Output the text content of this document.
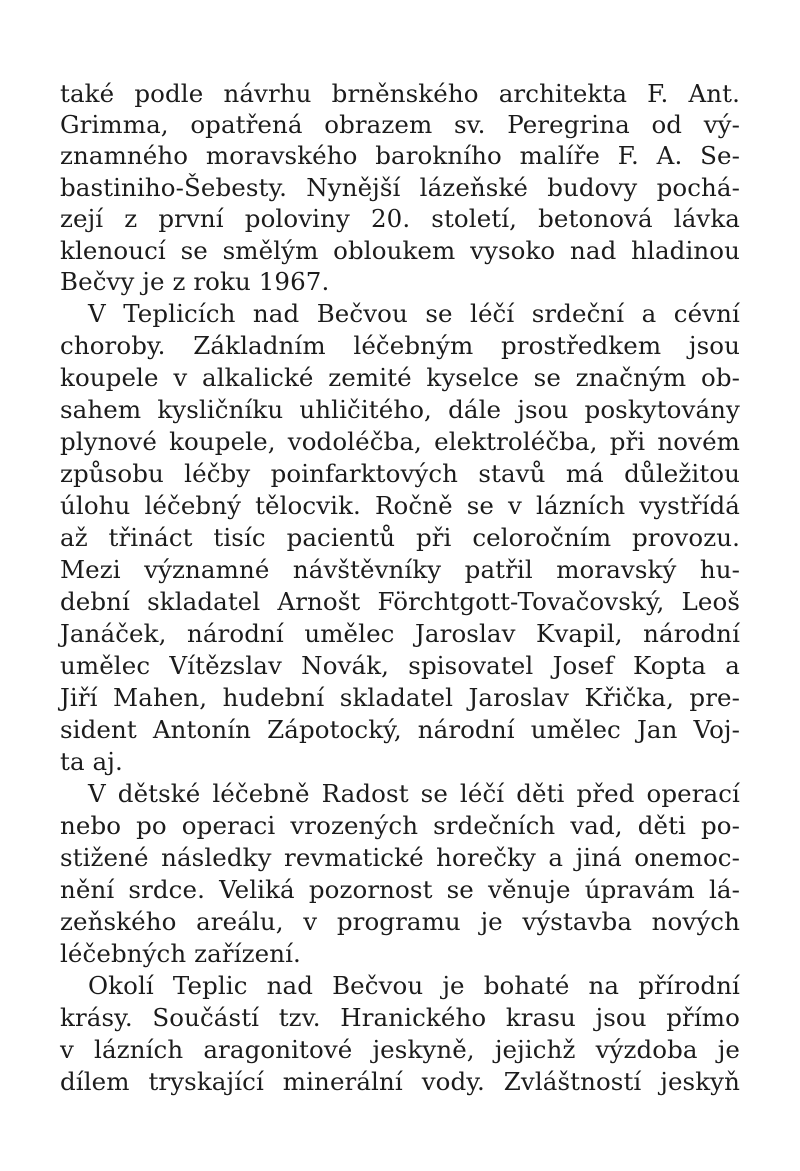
také podle návrhu brněnského architekta F. Ant.
Grimma, opatřená obrazem sv. Peregrina od vý-
znamného moravského barokního malíře F. A. Se-
bastiniho-Šebesty. Nynější lázeňské budovy pochá-
zejí z první poloviny 20. století, betonová lávka
klenoucí se smělým obloukem vysoko nad hladinou
Bečvy je z roku 1967.
V Teplicích nad Bečvou se léčí srdeční a cévní
choroby. Základním léčebným prostředkem jsou
koupele v alkalické zemité kyselce se značným ob-
sahem kysličníku uhličitého, dále jsou poskytovány
plynové koupele, vodoléčba, elektroléčba, při novém
způsobu léčby poinfarktových stavů má důležitou
úlohu léčebný tělocvik. Ročně se v lázních vystřídá
až třináct tisíc pacientů při celoročním provozu.
Mezi významné návštěvníky patřil moravský hu-
dební skladatel Arnošt Förchtgott-Tovačovský, Leoš
Janáček, národní umělec Jaroslav Kvapil, národní
umělec Vítězslav Novák, spisovatel Josef Kopta a
Jiří Mahen, hudební skladatel Jaroslav Křička, pre-
sident Antonín Zápotocký, národní umělec Jan Voj-
ta aj.
V dětské léčebně Radost se léčí děti před operací
nebo po operaci vrozených srdečních vad, děti po-
stižené následky revmatické horečky a jiná onemoc-
nění srdce. Veliká pozornost se věnuje úpravám lá-
zeňského areálu, v programu je výstavba nových
léčebných zařízení.
Okolí Teplic nad Bečvou je bohaté na přírodní
krásy. Součástí tzv. Hranického krasu jsou přímo
v lázních aragonitové jeskyně, jejichž výzdoba je
dílem tryskající minerální vody. Zvláštností jeskyň
